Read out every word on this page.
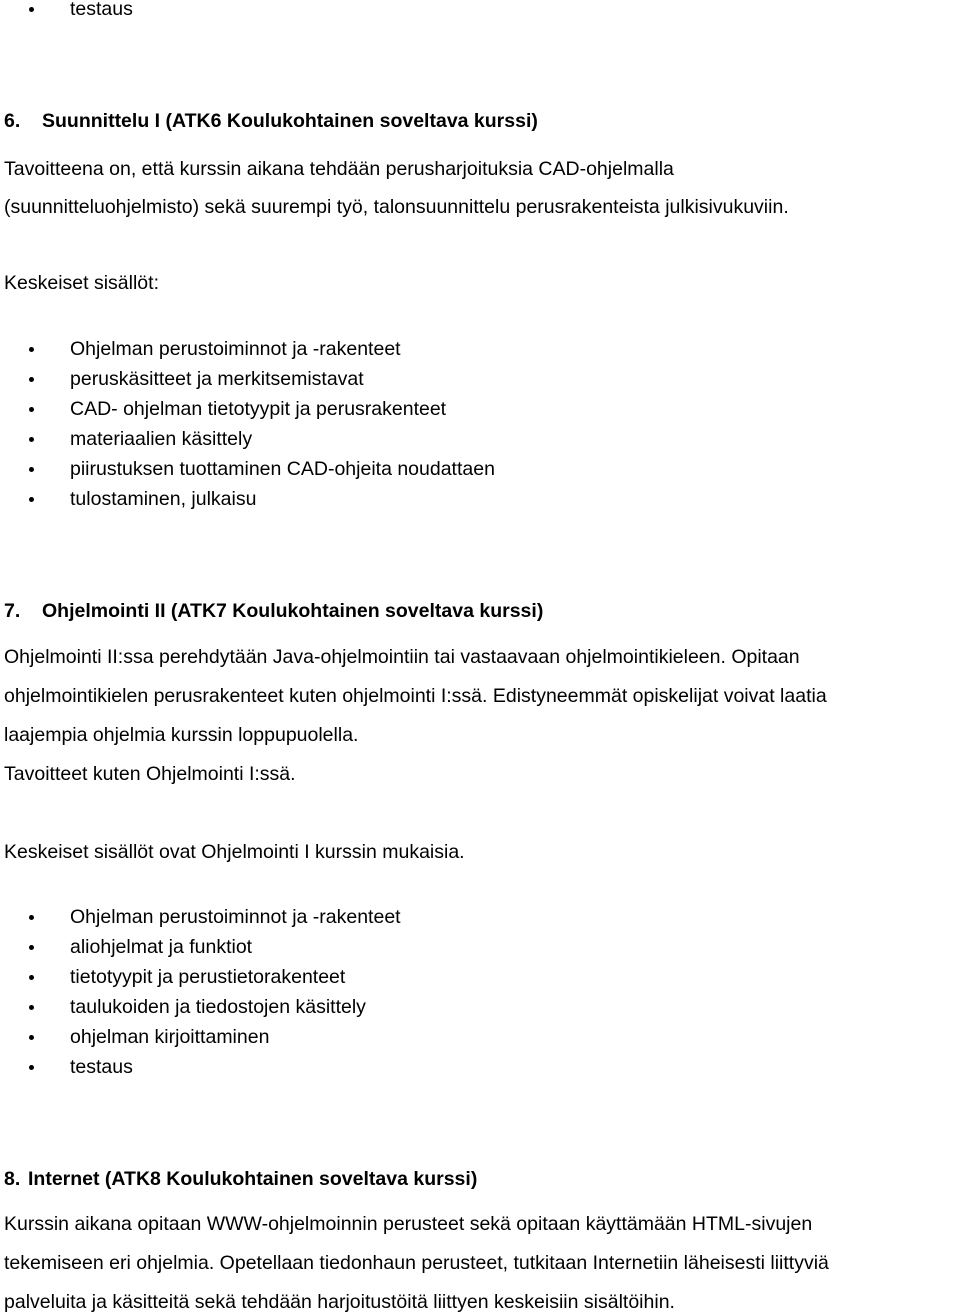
testaus
6. Suunnittelu I (ATK6 Koulukohtainen soveltava kurssi)
Tavoitteena on, että kurssin aikana tehdään perusharjoituksia CAD-ohjelmalla
(suunnitteluohjelmisto) sekä suurempi työ, talonsuunnittelu perusrakenteista julkisivukuviin.
Keskeiset sisällöt:
Ohjelman perustoiminnot ja -rakenteet
peruskäsitteet ja merkitsemistavat
CAD- ohjelman tietotyypit ja perusrakenteet
materiaalien käsittely
piirustuksen tuottaminen CAD-ohjeita noudattaen
tulostaminen, julkaisu
7. Ohjelmointi II (ATK7 Koulukohtainen soveltava kurssi)
Ohjelmointi II:ssa perehdytään Java-ohjelmointiin tai vastaavaan ohjelmointikieleen. Opitaan
ohjelmointikielen perusrakenteet kuten ohjelmointi I:ssä. Edistyneemmät opiskelijat voivat laatia
laajempia ohjelmia kurssin loppupuolella.
Tavoitteet kuten Ohjelmointi I:ssä.
Keskeiset sisällöt ovat Ohjelmointi I kurssin mukaisia.
Ohjelman perustoiminnot ja -rakenteet
aliohjelmat ja funktiot
tietotyypit ja perustietorakenteet
taulukoiden ja tiedostojen käsittely
ohjelman kirjoittaminen
testaus
8. Internet (ATK8 Koulukohtainen soveltava kurssi)
Kurssin aikana opitaan WWW-ohjelmoinnin perusteet sekä opitaan käyttämään HTML-sivujen
tekemiseen eri ohjelmia. Opetellaan tiedonhaun perusteet, tutkitaan Internetiin läheisesti liittyviä
palveluita ja käsitteitä sekä tehdään harjoitustöitä liittyen keskeisiin sisältöihin.
